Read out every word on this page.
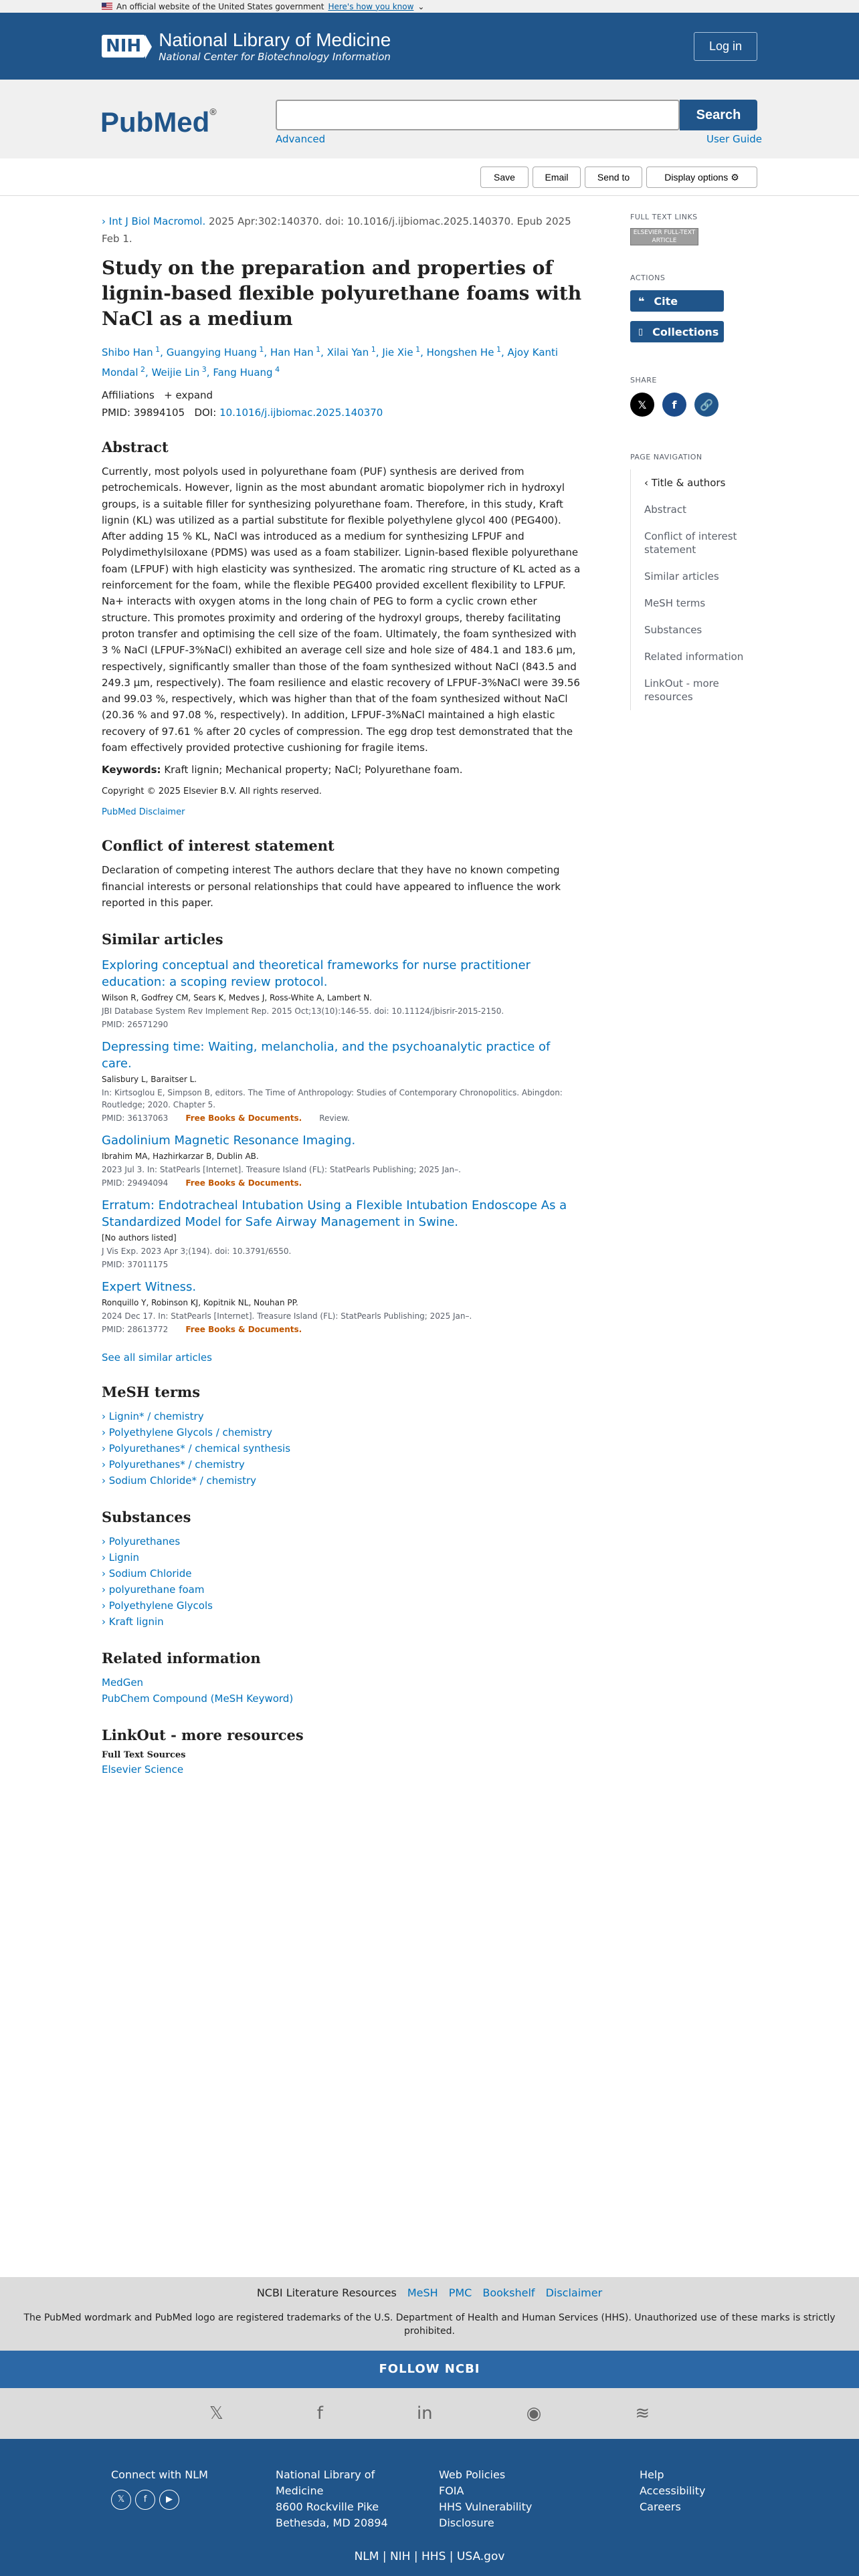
An official website of the United States government Here's how you know ⌄
NIH National Library of Medicine
National Center for Biotechnology Information
Log in
PubMed®	Search
Advanced	User Guide
Save	Email	Send to	Display options ⚙
› Int J Biol Macromol. 2025 Apr:302:140370. doi: 10.1016/j.ijbiomac.2025.140370. Epub 2025 Feb 1.
Study on the preparation and properties of lignin-based flexible polyurethane foams with NaCl as a medium
Shibo Han $^1$, Guangying Huang $^1$, Han Han $^1$, Xilai Yan $^1$, Jie Xie $^1$, Hongshen He $^1$, Ajoy Kanti Mondal $^2$, Weijie Lin $^3$, Fang Huang $^4$
Affiliations + expand
PMID: 39894105 DOI: 10.1016/j.ijbiomac.2025.140370
Abstract

Currently, most polyols used in polyurethane foam (PUF) synthesis are derived from petrochemicals. However, lignin as the most abundant aromatic biopolymer rich in hydroxyl groups, is a suitable filler for synthesizing polyurethane foam. Therefore, in this study, Kraft lignin (KL) was utilized as a partial substitute for flexible polyethylene glycol 400 (PEG400). After adding 15 % KL, NaCl was introduced as a medium for synthesizing LFPUF and Polydimethylsiloxane (PDMS) was used as a foam stabilizer. Lignin-based flexible polyurethane foam (LFPUF) with high elasticity was synthesized. The aromatic ring structure of KL acted as a reinforcement for the foam, while the flexible PEG400 provided excellent flexibility to LFPUF. Na+ interacts with oxygen atoms in the long chain of PEG to form a cyclic crown ether structure. This promotes proximity and ordering of the hydroxyl groups, thereby facilitating proton transfer and optimising the cell size of the foam. Ultimately, the foam synthesized with 3 % NaCl (LFPUF-3%NaCl) exhibited an average cell size and hole size of 484.1 and 183.6 μm, respectively, significantly smaller than those of the foam synthesized without NaCl (843.5 and 249.3 μm, respectively). The foam resilience and elastic recovery of LFPUF-3%NaCl were 39.56 and 99.03 %, respectively, which was higher than that of the foam synthesized without NaCl (20.36 % and 97.08 %, respectively). In addition, LFPUF-3%NaCl maintained a high elastic recovery of 97.61 % after 20 cycles of compression. The egg drop test demonstrated that the foam effectively provided protective cushioning for fragile items.

Keywords: Kraft lignin; Mechanical property; NaCl; Polyurethane foam.

Copyright © 2025 Elsevier B.V. All rights reserved.

PubMed Disclaimer
Conflict of interest statement

Declaration of competing interest The authors declare that they have no known competing financial interests or personal relationships that could have appeared to influence the work reported in this paper.

Similar articles
Exploring conceptual and theoretical frameworks for nurse practitioner education: a scoping review protocol.
Wilson R, Godfrey CM, Sears K, Medves J, Ross-White A, Lambert N.
JBI Database System Rev Implement Rep. 2015 Oct;13(10):146-55. doi: 10.11124/jbisrir-2015-2150.
PMID: 26571290
Depressing time: Waiting, melancholia, and the psychoanalytic practice of care.
Salisbury L, Baraitser L.
In: Kirtsoglou E, Simpson B, editors. The Time of Anthropology: Studies of Contemporary Chronopolitics. Abingdon: Routledge; 2020. Chapter 5.
PMID: 36137063 Free Books & Documents. Review.
Gadolinium Magnetic Resonance Imaging.
Ibrahim MA, Hazhirkarzar B, Dublin AB.
2023 Jul 3. In: StatPearls [Internet]. Treasure Island (FL): StatPearls Publishing; 2025 Jan–.
PMID: 29494094 Free Books & Documents.
Erratum: Endotracheal Intubation Using a Flexible Intubation Endoscope As a Standardized Model for Safe Airway Management in Swine.
[No authors listed]
J Vis Exp. 2023 Apr 3;(194). doi: 10.3791/6550.
PMID: 37011175
Expert Witness.
Ronquillo Y, Robinson KJ, Kopitnik NL, Nouhan PP.
2024 Dec 17. In: StatPearls [Internet]. Treasure Island (FL): StatPearls Publishing; 2025 Jan–.
PMID: 28613772 Free Books & Documents.
See all similar articles
MeSH terms
› Lignin* / chemistry
› Polyethylene Glycols / chemistry
› Polyurethanes* / chemical synthesis
› Polyurethanes* / chemistry
› Sodium Chloride* / chemistry
Substances
› Polyurethanes
› Lignin
› Sodium Chloride
› polyurethane foam
› Polyethylene Glycols
› Kraft lignin
Related information
MedGen
PubChem Compound (MeSH Keyword)
LinkOut - more resources
Full Text Sources
Elsevier Science
FULL TEXT LINKS
ELSEVIER FULL-TEXT ARTICLE
ACTIONS
❝ Cite
▯ Collections
SHARE
𝕏	f	🔗
PAGE NAVIGATION
‹ Title & authors
Abstract
Conflict of interest statement
Similar articles
MeSH terms
Substances
Related information
LinkOut - more resources
NCBI Literature Resources MeSH PMC Bookshelf Disclaimer
The PubMed wordmark and PubMed logo are registered trademarks of the U.S. Department of Health and Human Services (HHS). Unauthorized use of these marks is strictly prohibited.
FOLLOW NCBI
𝕏	f	in	◉	≋
Connect with NLM
𝕏 f ▶
National Library of
Medicine
8600 Rockville Pike
Bethesda, MD 20894
Web Policies
FOIA
HHS Vulnerability
Disclosure
Help
Accessibility
Careers
NLM | NIH | HHS | USA.gov
